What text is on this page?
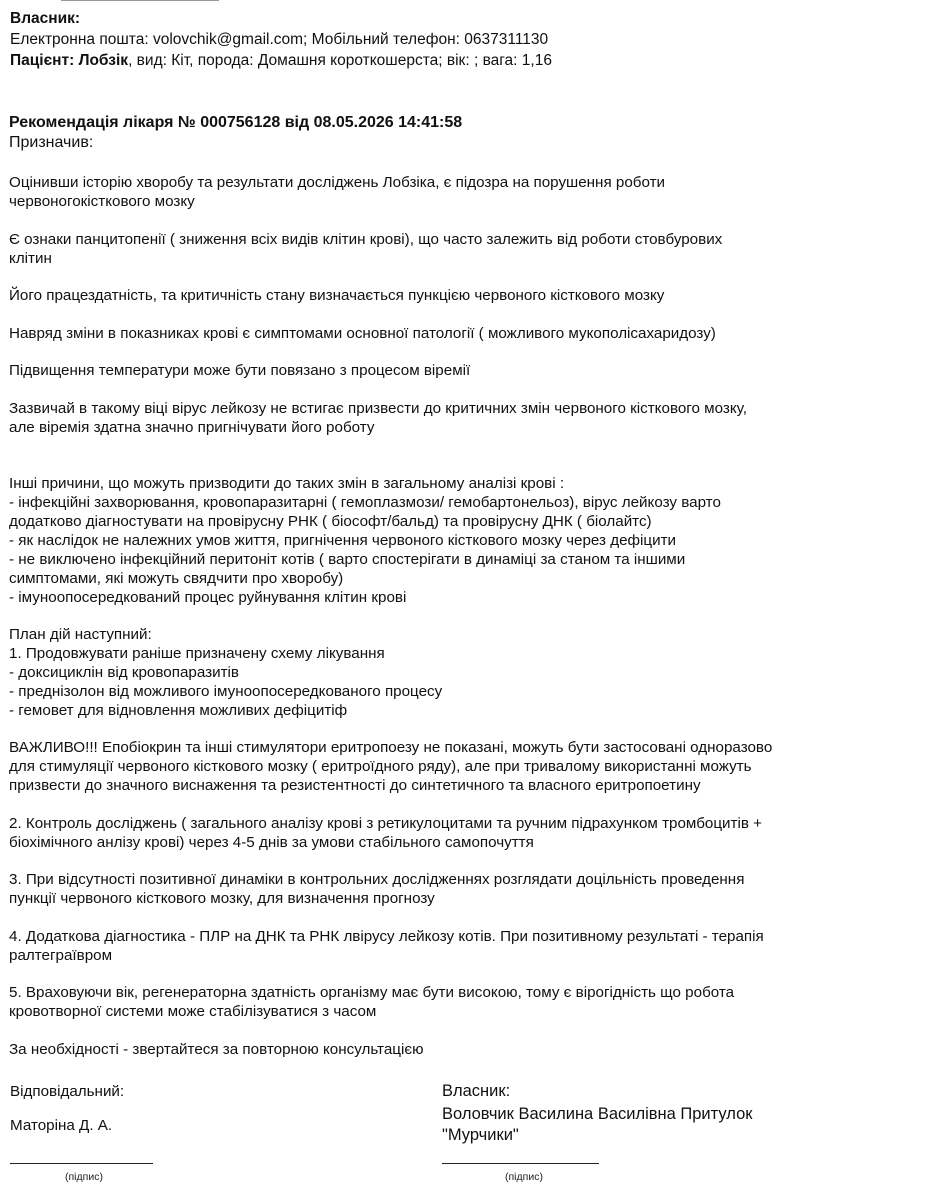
Власник:
Електронна пошта: volovchik@gmail.com; Мобільний телефон: 0637311130
Пацієнт: Лобзік, вид: Кіт, порода: Домашня короткошерста; вік: ; вага: 1,16
Рекомендація лікаря № 000756128 від 08.05.2026 14:41:58
Призначив:
Оцінивши історію хворобу та результати досліджень Лобзіка, є підозра на порушення роботи
червоногокісткового мозку
Є ознаки панцитопенії ( зниження всіх видів клітин крові), що часто залежить від роботи стовбурових
клітин
Його працездатність, та критичність стану визначається пункцією червоного кісткового мозку
Навряд зміни в показниках крові є симптомами основної патології ( можливого мукополісахаридозу)
Підвищення температури може бути повязано з процесом віремії
Зазвичай в такому віці вірус лейкозу не встигає призвести до критичних змін червоного кісткового мозку,
але віремія здатна значно пригнічувати його роботу
Інші причини, що можуть призводити до таких змін в загальному аналізі крові :
- інфекційні захворювання, кровопаразитарні ( гемоплазмози/ гемобартонельоз), вірус лейкозу варто
додатково діагностувати на провірусну РНК ( біософт/бальд) та провірусну ДНК ( біолайтс)
- як наслідок не належних умов життя, пригнічення червоного кісткового мозку через дефіцити
- не виключено інфекційний перитоніт котів ( варто спостерігати в динаміці за станом та іншими
симптомами, які можуть свядчити про хворобу)
- імуноопосередкований процес руйнування клітин крові
План дій наступний:
1. Продовжувати раніше призначену схему лікування
- доксициклін від кровопаразитів
- преднізолон від можливого імуноопосередкованого процесу
- гемовет для відновлення можливих дефіцитіф
ВАЖЛИВО!!! Епобіокрин та інші стимулятори еритропоезу не показані, можуть бути застосовані одноразово
для стимуляції червоного кісткового мозку ( еритроїдного ряду), але при тривалому використанні можуть
призвести до значного виснаження та резистентності до синтетичного та власного еритропоетину
2. Контроль досліджень ( загального аналізу крові з ретикулоцитами та ручним підрахунком тромбоцитів +
біохімічного анлізу крові) через 4-5 днів за умови стабільного самопочуття
3. При відсутності позитивної динаміки в контрольних дослідженнях розглядати доцільність проведення
пункції червоного кісткового мозку, для визначення прогнозу
4. Додаткова діагностика - ПЛР на ДНК та РНК лвірусу лейкозу котів. При позитивному результаті - терапія
ралтеграївром
5. Враховуючи вік, регенераторна здатність організму має бути високою, тому є вірогідність що робота
кровотворної системи може стабілізуватися з часом
За необхідності - звертайтеся за повторною консультацією
Відповідальний:
Маторіна Д. А.
(підпис)
Власник:
Воловчик Василина Василівна Притулок
"Мурчики"
(підпис)
